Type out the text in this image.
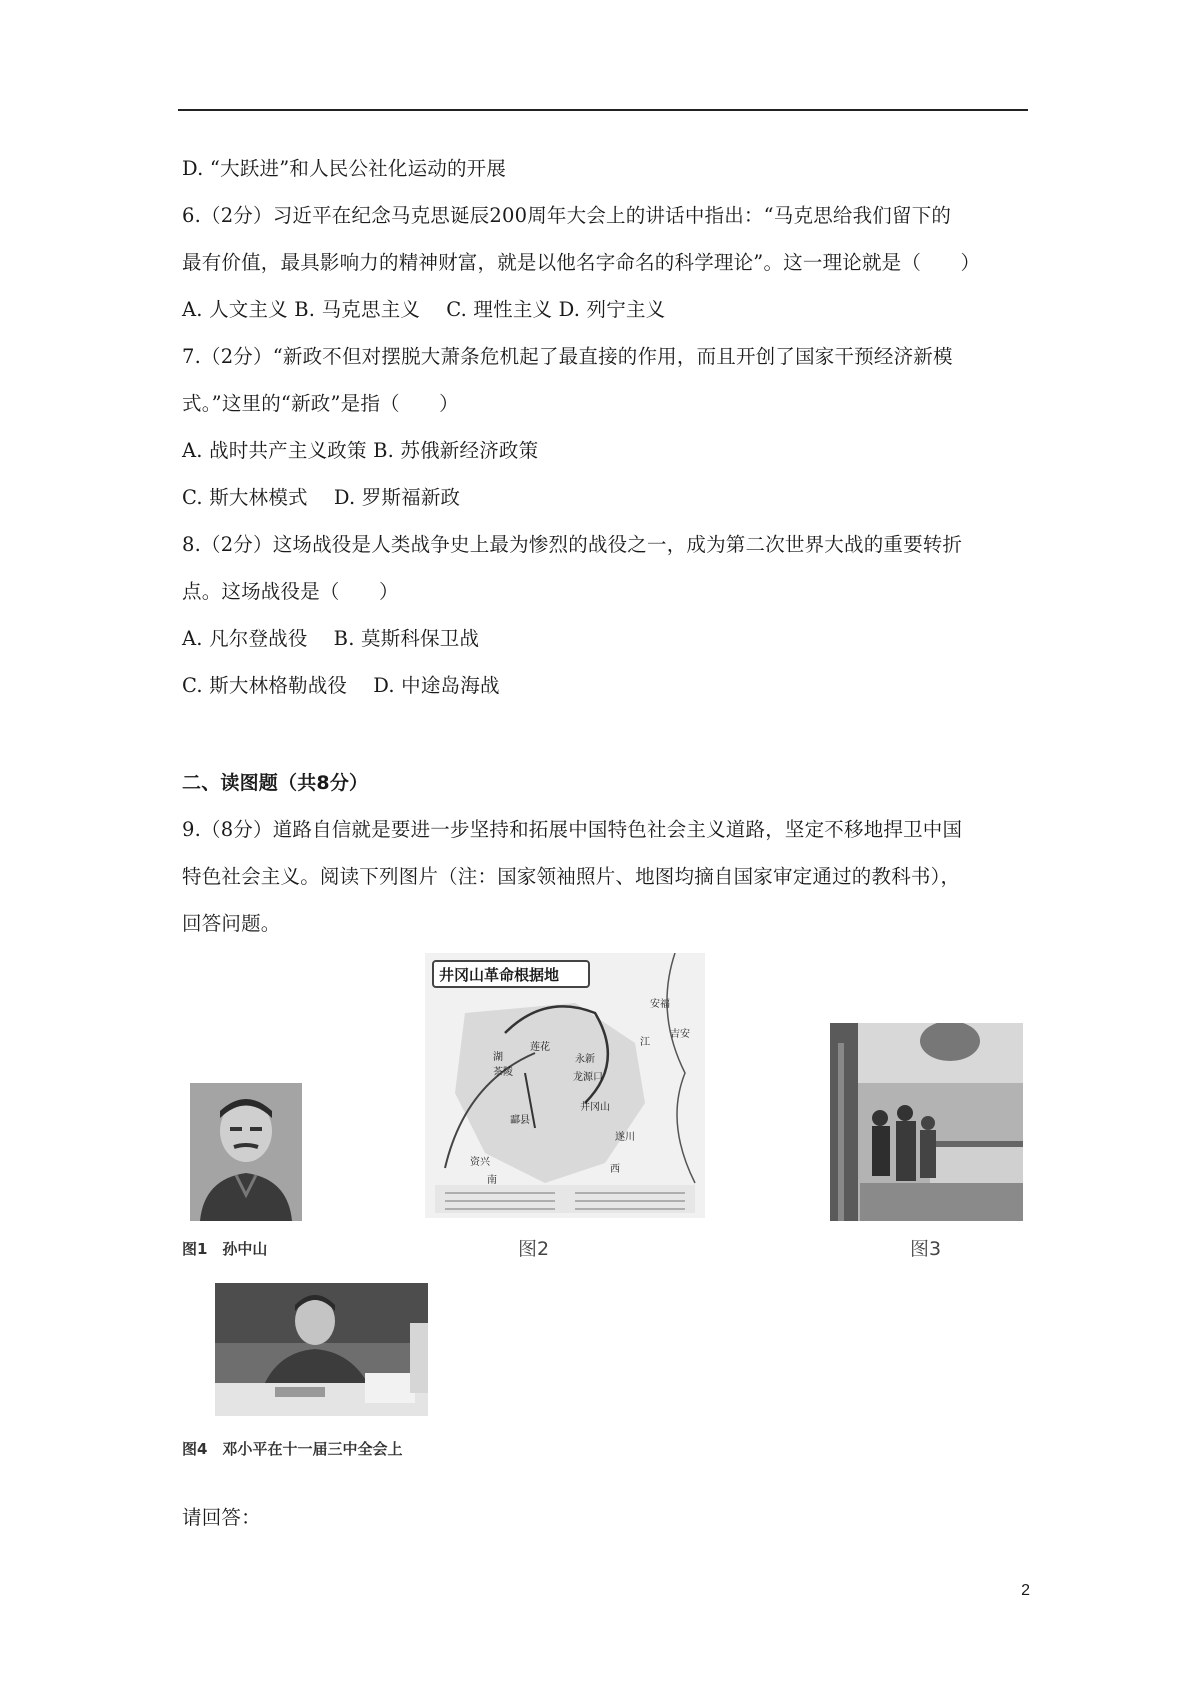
D. “大跃进”和人民公社化运动的开展
6.（2分）习近平在纪念马克思诞辰200周年大会上的讲话中指出：“马克思给我们留下的
最有价值，最具影响力的精神财富，就是以他名字命名的科学理论”。这一理论就是（　　）
A. 人文主义 B. 马克思主义　 C. 理性主义 D. 列宁主义
7.（2分）“新政不但对摆脱大萧条危机起了最直接的作用，而且开创了国家干预经济新模
式。”这里的“新政”是指（　　）
A. 战时共产主义政策 B. 苏俄新经济政策
C. 斯大林模式　 D. 罗斯福新政
8.（2分）这场战役是人类战争史上最为惨烈的战役之一，成为第二次世界大战的重要转折
点。这场战役是（　　）
A. 凡尔登战役　 B. 莫斯科保卫战
C. 斯大林格勒战役　 D. 中途岛海战
二、读图题（共8分）
9.（8分）道路自信就是要进一步坚持和拓展中国特色社会主义道路，坚定不移地捍卫中国
特色社会主义。阅读下列图片（注：国家领袖照片、地图均摘自国家审定通过的教科书），
回答问题。
图1　孙中山
井冈山革命根据地
安福
吉安
江
永新
莲花
龙源口
茶陵
井冈山
酃县
遂川
资兴
西
南
湖
图2	图3
图4　邓小平在十一届三中全会上
请回答：
2
